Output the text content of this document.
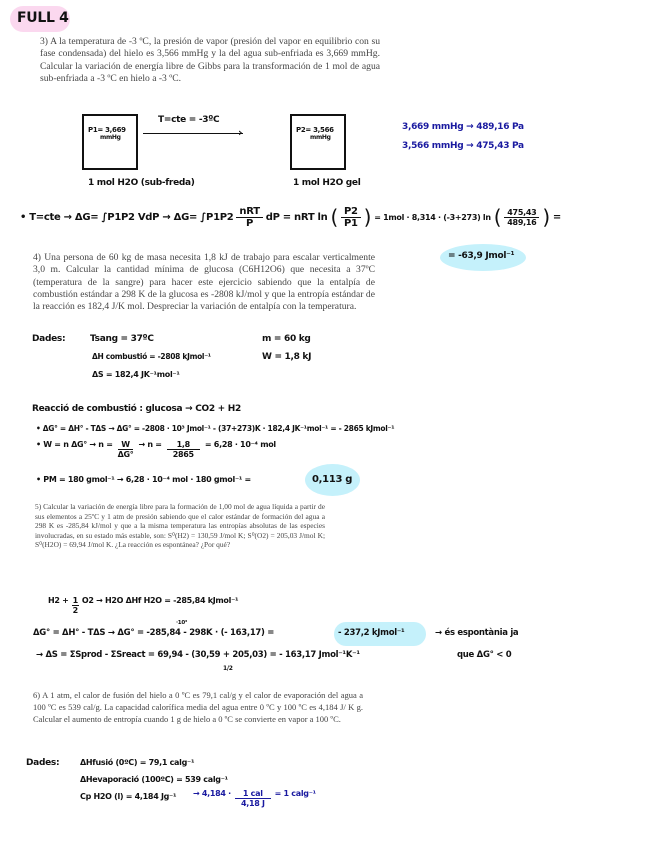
FULL 4
3) A la temperatura de -3 ºC, la presión de vapor (presión del vapor en equilibrio con su fase condensada) del hielo es 3,566 mmHg y la del agua sub-enfriada es 3,669 mmHg. Calcular la variación de energía libre de Gibbs para la transformación de 1 mol de agua sub-enfriada a -3 ºC en hielo a -3 ºC.
P1= 3,669
mmHg
1 mol H2O (sub-freda)
T=cte = -3ºC
›	P2= 3,566
mmHg
1 mol H2O gel
3,669 mmHg → 489,16 Pa
3,566 mmHg → 475,43 Pa
• T=cte → ΔG= ∫P1P2 VdP → $\Delta G= \int P1P2 \frac{\text{nRT}}{P}$ dP = nRT ln ( $\frac{P2}{P1}$ ) = 1mol · 8,314 · (-3+273) ln ( $\frac{475,43}{489,16}$ ) =
= -63,9 Jmol⁻¹
4) Una persona de 60 kg de masa necesita 1,8 kJ de trabajo para escalar verticalmente 3,0 m. Calcular la cantidad mínima de glucosa (C6H12O6) que necesita a 37ºC (temperatura de la sangre) para hacer este ejercicio sabiendo que la entalpía de combustión estándar a 298 K de la glucosa es -2808 kJ/mol y que la entropía estándar de la reacción es 182,4 J/K mol. Despreciar la variación de entalpía con la temperatura.
Dades:	Tsang = 37ºC
ΔH combustió = -2808 kJmol⁻¹
ΔS = 182,4 JK⁻¹mol⁻¹
m = 60 kg
W = 1,8 kJ
Reacció de combustió : glucosa → CO2 + H2
• ΔG° = ΔH° - TΔS → ΔG° = -2808 · 10³ Jmol⁻¹ - (37+273)K · 182,4 JK⁻¹mol⁻¹ = - 2865 kJmol⁻¹
• W = n $\Delta G^\circ \to n = \frac{W}{\Delta G^\circ} \to n = \frac{1,8}{2865} = 6,28 \cdot 10^{-4}$ mol
• PM = 180 gmol⁻¹ → 6,28 · 10⁻⁴ mol · 180 gmol⁻¹ =	0,113 g
5) Calcular la variación de energía libre para la formación de 1,00 mol de agua líquida a partir de sus elementos a 25ºC y 1 atm de presión sabiendo que el calor estándar de formación del agua a 298 K es -285,84 kJ/mol y que a la misma temperatura las entropías absolutas de las especies involucradas, en su estado más estable, son: S⁰(H2) = 130,59 J/mol K; S⁰(O2) = 205,03 J/mol K; S⁰(H2O) = 69,94 J/mol K. ¿La reacción es espontánea? ¿Por qué?
$H2 + \frac{1}{2} O2 \to H2O$ ΔHf H2O = -285,84 kJmol⁻¹
·10³
ΔG° = ΔH° - TΔS → ΔG° = -285,84 - 298K · (- 163,17) =	- 237,2 kJmol⁻¹	→ és espontània ja
→ ΔS = ΣSprod - ΣSreact = 69,94 - (30,59 + 205,03) = - 163,17 Jmol⁻¹K⁻¹	que ΔG° < 0
1/2
6) A 1 atm, el calor de fusión del hielo a 0 ºC es 79,1 cal/g y el calor de evaporación del agua a 100 ºC es 539 cal/g. La capacidad calorífica media del agua entre 0 ºC y 100 ºC es 4,184 J/ K g. Calcular el aumento de entropía cuando 1 g de hielo a 0 ºC se convierte en vapor a 100 ºC.
Dades:	ΔHfusió (0ºC) = 79,1 calg⁻¹
ΔHevaporació (100ºC) = 539 calg⁻¹
Cp H2O (l) = 4,184 $Jg^{-1} \to 4,184 \cdot \frac{\text{1 cal}}{4,18 J} = 1$ calg⁻¹
